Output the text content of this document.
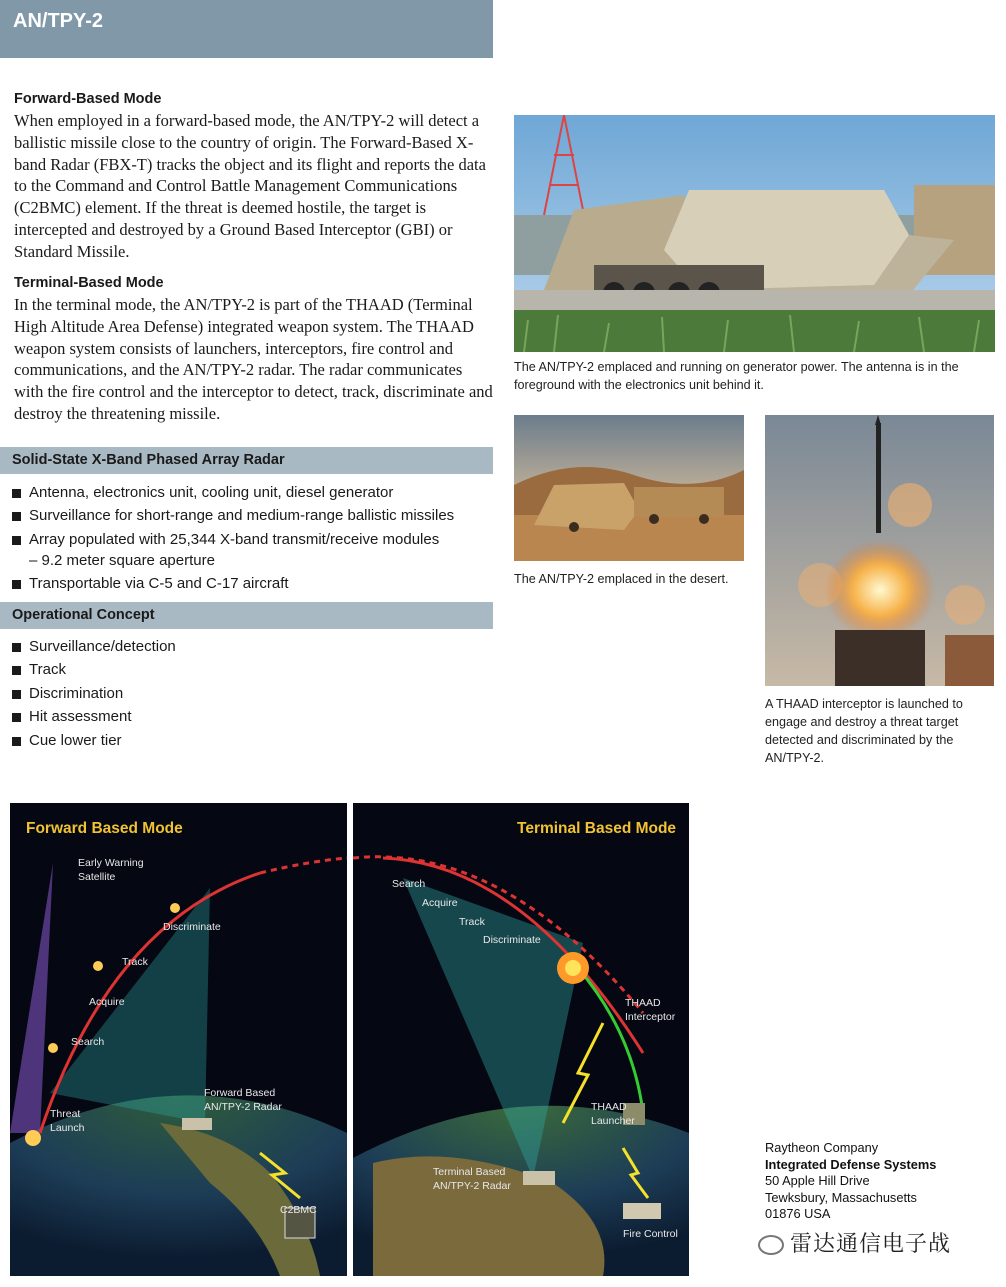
AN/TPY-2
Forward-Based Mode

When employed in a forward-based mode, the AN/TPY-2 will detect a ballistic missile close to the country of origin. The Forward-Based X-band Radar (FBX-T) tracks the object and its flight and reports the data to the Command and Control Battle Management Communications (C2BMC) element. If the threat is deemed hostile, the target is intercepted and destroyed by a Ground Based Interceptor (GBI) or Standard Missile.

Terminal-Based Mode

In the terminal mode, the AN/TPY-2 is part of the THAAD (Terminal High Altitude Area Defense) integrated weapon system. The THAAD weapon system consists of launchers, interceptors, fire control and communications, and the AN/TPY-2 radar. The radar communicates with the fire control and the interceptor to detect, track, discriminate and destroy the threatening missile.

Solid-State X-Band Phased Array Radar
Antenna, electronics unit, cooling unit, diesel generator
Surveillance for short-range and medium-range ballistic missiles
Array populated with 25,344 X-band transmit/receive modules
– 9.2 meter square aperture
Transportable via C-5 and C-17 aircraft
Operational Concept
Surveillance/detection
Track
Discrimination
Hit assessment
Cue lower tier

The AN/TPY-2 emplaced and running on generator power. The antenna is in the foreground with the electronics unit behind it.

The AN/TPY-2 emplaced in the desert.

A THAAD interceptor is launched to engage and destroy a threat target detected and discriminated by the AN/TPY-2.

Forward Based Mode
Early Warning
Satellite
Discriminate
Track
Acquire
Search
Threat
Launch
Forward Based
AN/TPY-2 Radar
C2BMC
Terminal Based Mode
Search
Acquire
Track
Discriminate
THAAD
Interceptor
THAAD
Launcher
Terminal Based
AN/TPY-2 Radar
Fire Control
Raytheon Company
Integrated Defense Systems
50 Apple Hill Drive
Tewksbury, Massachusetts
01876 USA
雷达通信电子战
